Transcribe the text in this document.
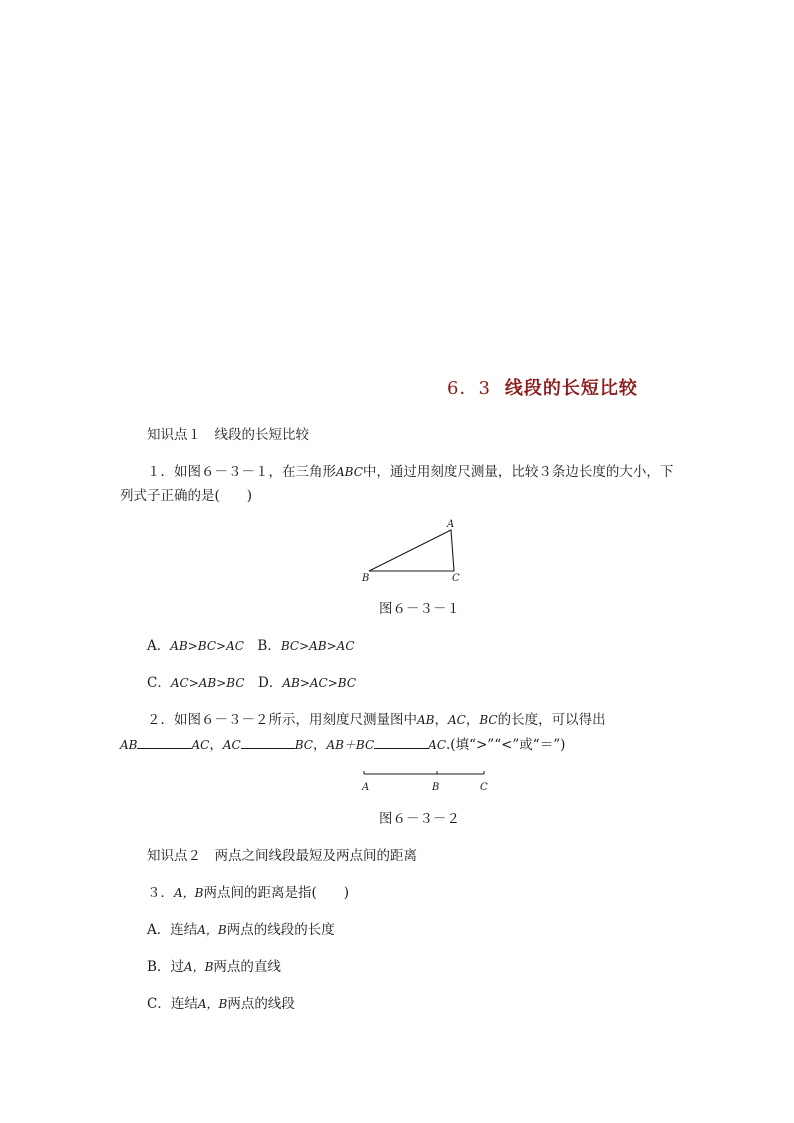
6．3 线段的长短比较
知识点１　线段的长短比较
１．如图６－３－１，在三角形ABC中，通过用刻度尺测量，比较３条边长度的大小，下
列式子正确的是(　　)
A
B	C
图６－３－１
A．AB>BC>AC　B．BC>AB>AC
C．AC>AB>BC　D．AB>AC>BC
２．如图６－３－２所示，用刻度尺测量图中AB，AC，BC的长度，可以得出
AB	AC，AC	BC，AB＋BC	AC.(填“>”“<”或“＝”)
A	B	C
图６－３－２
知识点２　两点之间线段最短及两点间的距离
３．A，B两点间的距离是指(　　)
A．连结A，B两点的线段的长度
B．过A，B两点的直线
C．连结A，B两点的线段
